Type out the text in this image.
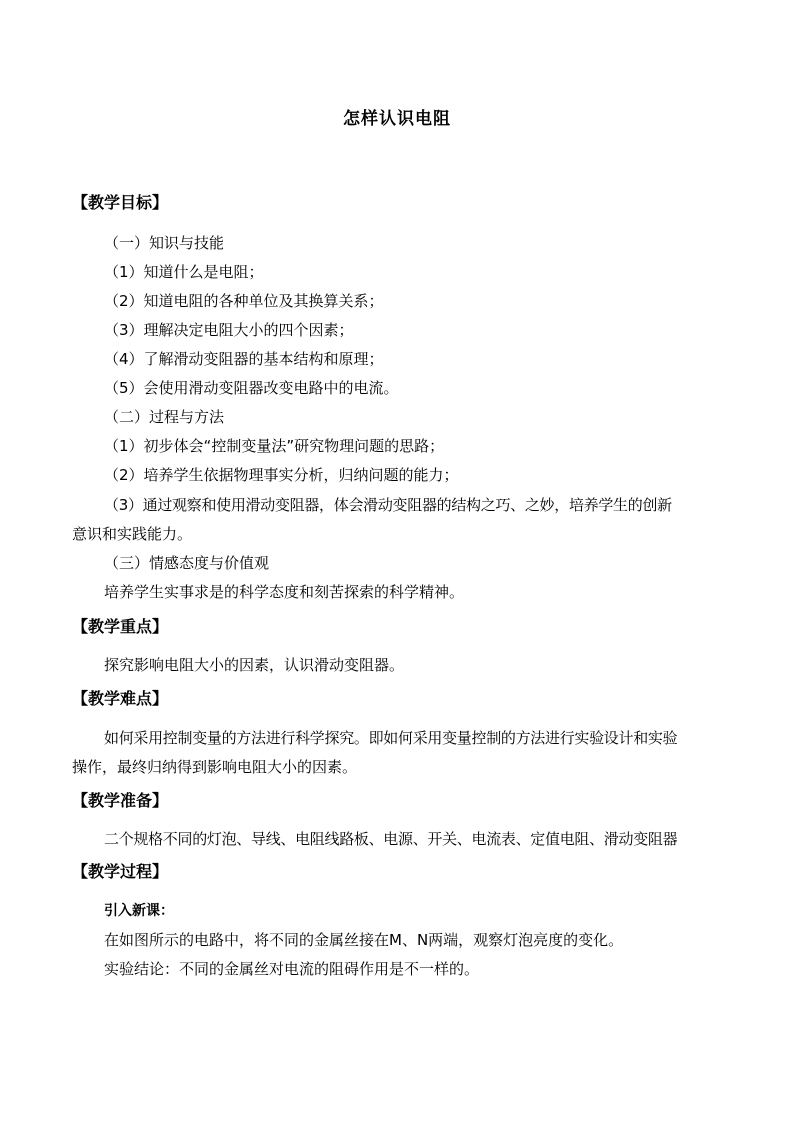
怎样认识电阻
【教学目标】
（一）知识与技能
（1）知道什么是电阻；
（2）知道电阻的各种单位及其换算关系；
（3）理解决定电阻大小的四个因素；
（4）了解滑动变阻器的基本结构和原理；
（5）会使用滑动变阻器改变电路中的电流。
（二）过程与方法
（1）初步体会“控制变量法”研究物理问题的思路；
（2）培养学生依据物理事实分析，归纳问题的能力；
（3）通过观察和使用滑动变阻器，体会滑动变阻器的结构之巧、之妙，培养学生的创新
意识和实践能力。
（三）情感态度与价值观
培养学生实事求是的科学态度和刻苦探索的科学精神。
【教学重点】
探究影响电阻大小的因素，认识滑动变阻器。
【教学难点】
如何采用控制变量的方法进行科学探究。即如何采用变量控制的方法进行实验设计和实验
操作，最终归纳得到影响电阻大小的因素。
【教学准备】
二个规格不同的灯泡、导线、电阻线路板、电源、开关、电流表、定值电阻、滑动变阻器
【教学过程】
引入新课：
在如图所示的电路中，将不同的金属丝接在M、N两端，观察灯泡亮度的变化。
实验结论：不同的金属丝对电流的阻碍作用是不一样的。
